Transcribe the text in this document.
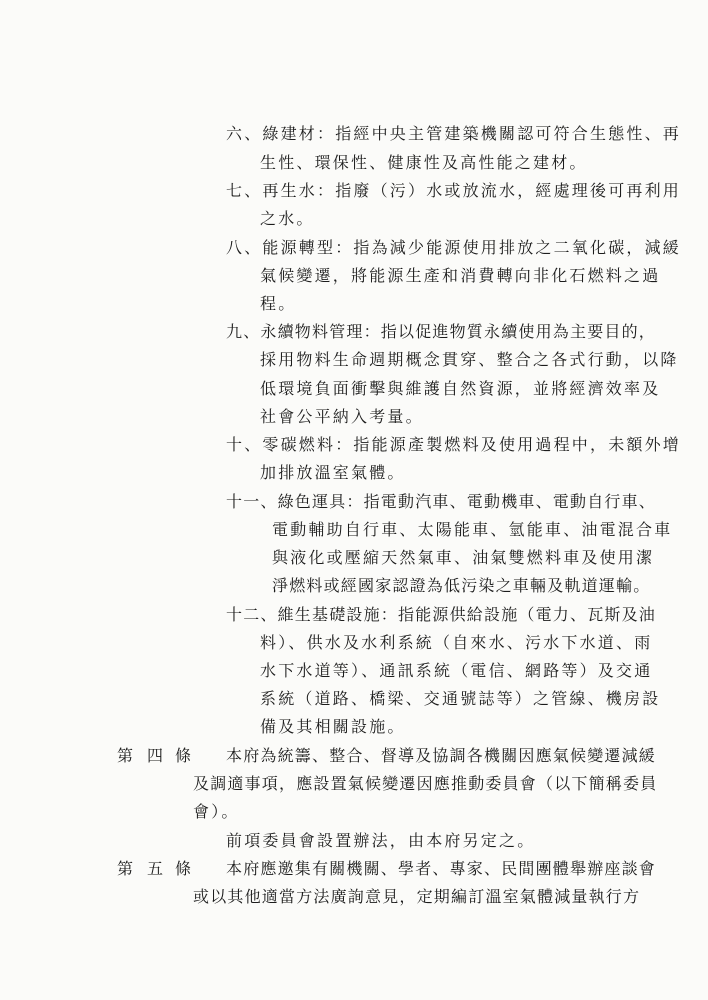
六、綠建材：指經中央主管建築機關認可符合生態性、再
生性、環保性、健康性及高性能之建材。
七、再生水：指廢（污）水或放流水，經處理後可再利用
之水。
八、能源轉型：指為減少能源使用排放之二氧化碳，減緩
氣候變遷，將能源生產和消費轉向非化石燃料之過
程。
九、永續物料管理：指以促進物質永續使用為主要目的，
採用物料生命週期概念貫穿、整合之各式行動，以降
低環境負面衝擊與維護自然資源，並將經濟效率及
社會公平納入考量。
十、零碳燃料：指能源產製燃料及使用過程中，未額外增
加排放溫室氣體。
十一、綠色運具：指電動汽車、電動機車、電動自行車、
電動輔助自行車、太陽能車、氫能車、油電混合車
與液化或壓縮天然氣車、油氣雙燃料車及使用潔
淨燃料或經國家認證為低污染之車輛及軌道運輸。
十二、維生基礎設施：指能源供給設施（電力、瓦斯及油
料）、供水及水利系統（自來水、污水下水道、雨
水下水道等）、通訊系統（電信、網路等）及交通
系統（道路、橋梁、交通號誌等）之管線、機房設
備及其相關設施。
第 四 條 本府為統籌、整合、督導及協調各機關因應氣候變遷減緩
及調適事項，應設置氣候變遷因應推動委員會（以下簡稱委員
會）。
前項委員會設置辦法，由本府另定之。
第 五 條 本府應邀集有關機關、學者、專家、民間團體舉辦座談會
或以其他適當方法廣詢意見，定期編訂溫室氣體減量執行方
